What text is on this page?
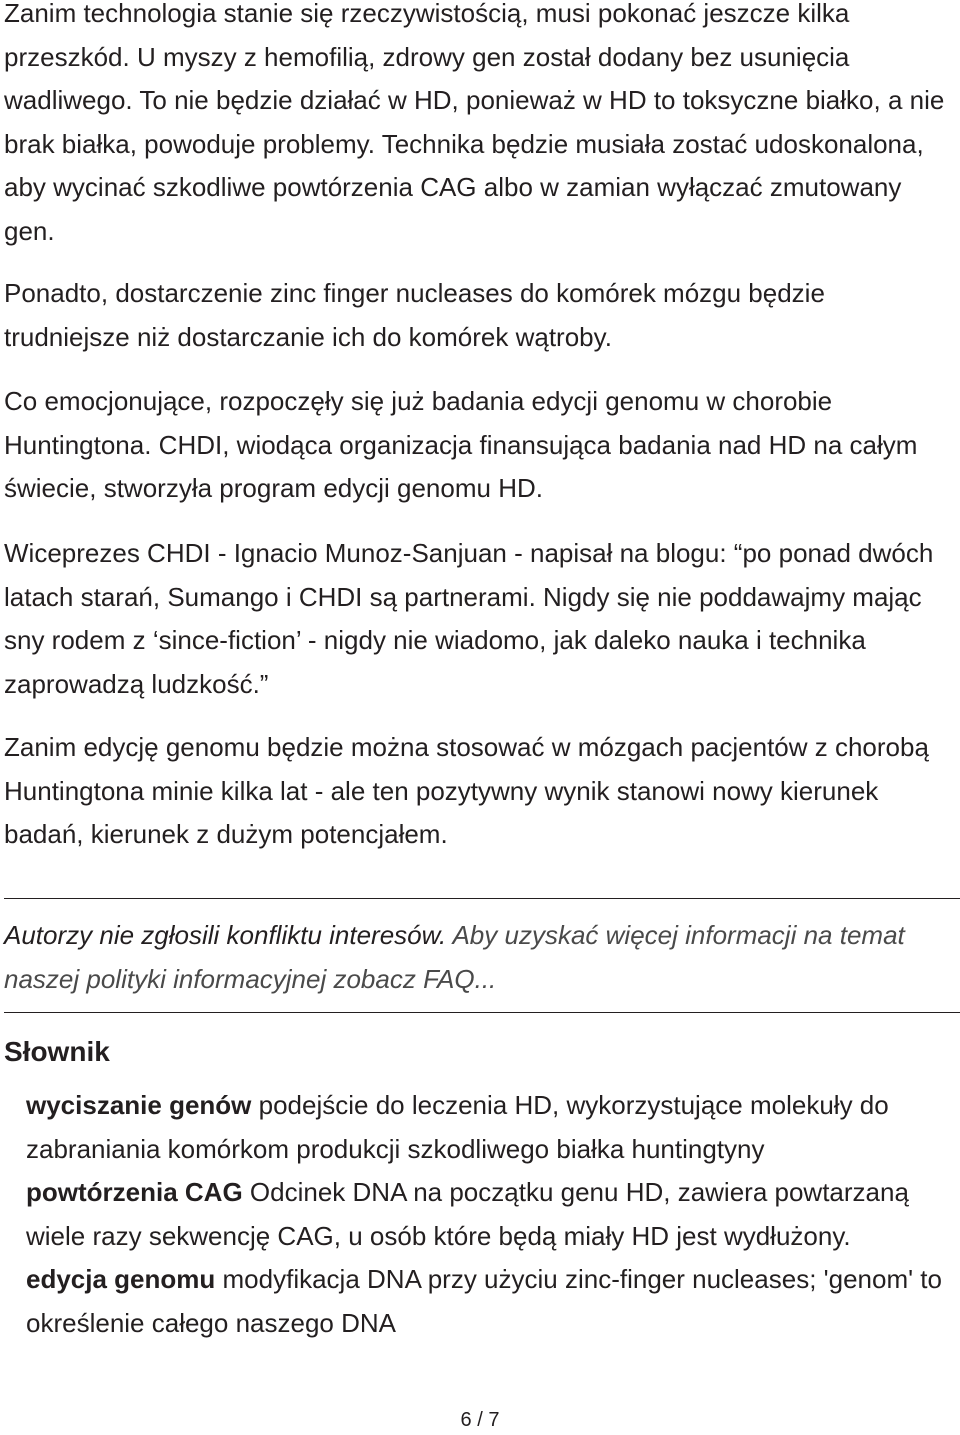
Zanim technologia stanie się rzeczywistością, musi pokonać jeszcze kilka przeszkód. U myszy z hemofilią, zdrowy gen został dodany bez usunięcia wadliwego. To nie będzie działać w HD, ponieważ w HD to toksyczne białko, a nie brak białka, powoduje problemy. Technika będzie musiała zostać udoskonalona, aby wycinać szkodliwe powtórzenia CAG albo w zamian wyłączać zmutowany gen.

Ponadto, dostarczenie zinc finger nucleases do komórek mózgu będzie trudniejsze niż dostarczanie ich do komórek wątroby.

Co emocjonujące, rozpoczęły się już badania edycji genomu w chorobie Huntingtona. CHDI, wiodąca organizacja finansująca badania nad HD na całym świecie, stworzyła program edycji genomu HD.

Wiceprezes CHDI - Ignacio Munoz-Sanjuan - napisał na blogu: “po ponad dwóch latach starań, Sumango i CHDI są partnerami. Nigdy się nie poddawajmy mając sny rodem z ‘since-fiction’ - nigdy nie wiadomo, jak daleko nauka i technika zaprowadzą ludzkość.”

Zanim edycję genomu będzie można stosować w mózgach pacjentów z chorobą Huntingtona minie kilka lat - ale ten pozytywny wynik stanowi nowy kierunek badań, kierunek z dużym potencjałem.

Autorzy nie zgłosili konfliktu interesów. Aby uzyskać więcej informacji na temat naszej polityki informacyjnej zobacz FAQ...

Słownik
wyciszanie genów podejście do leczenia HD, wykorzystujące molekuły do zabraniania komórkom produkcji szkodliwego białka huntingtyny
powtórzenia CAG Odcinek DNA na początku genu HD, zawiera powtarzaną wiele razy sekwencję CAG, u osób które będą miały HD jest wydłużony.
edycja genomu modyfikacja DNA przy użyciu zinc-finger nucleases; 'genom' to określenie całego naszego DNA
6 / 7
